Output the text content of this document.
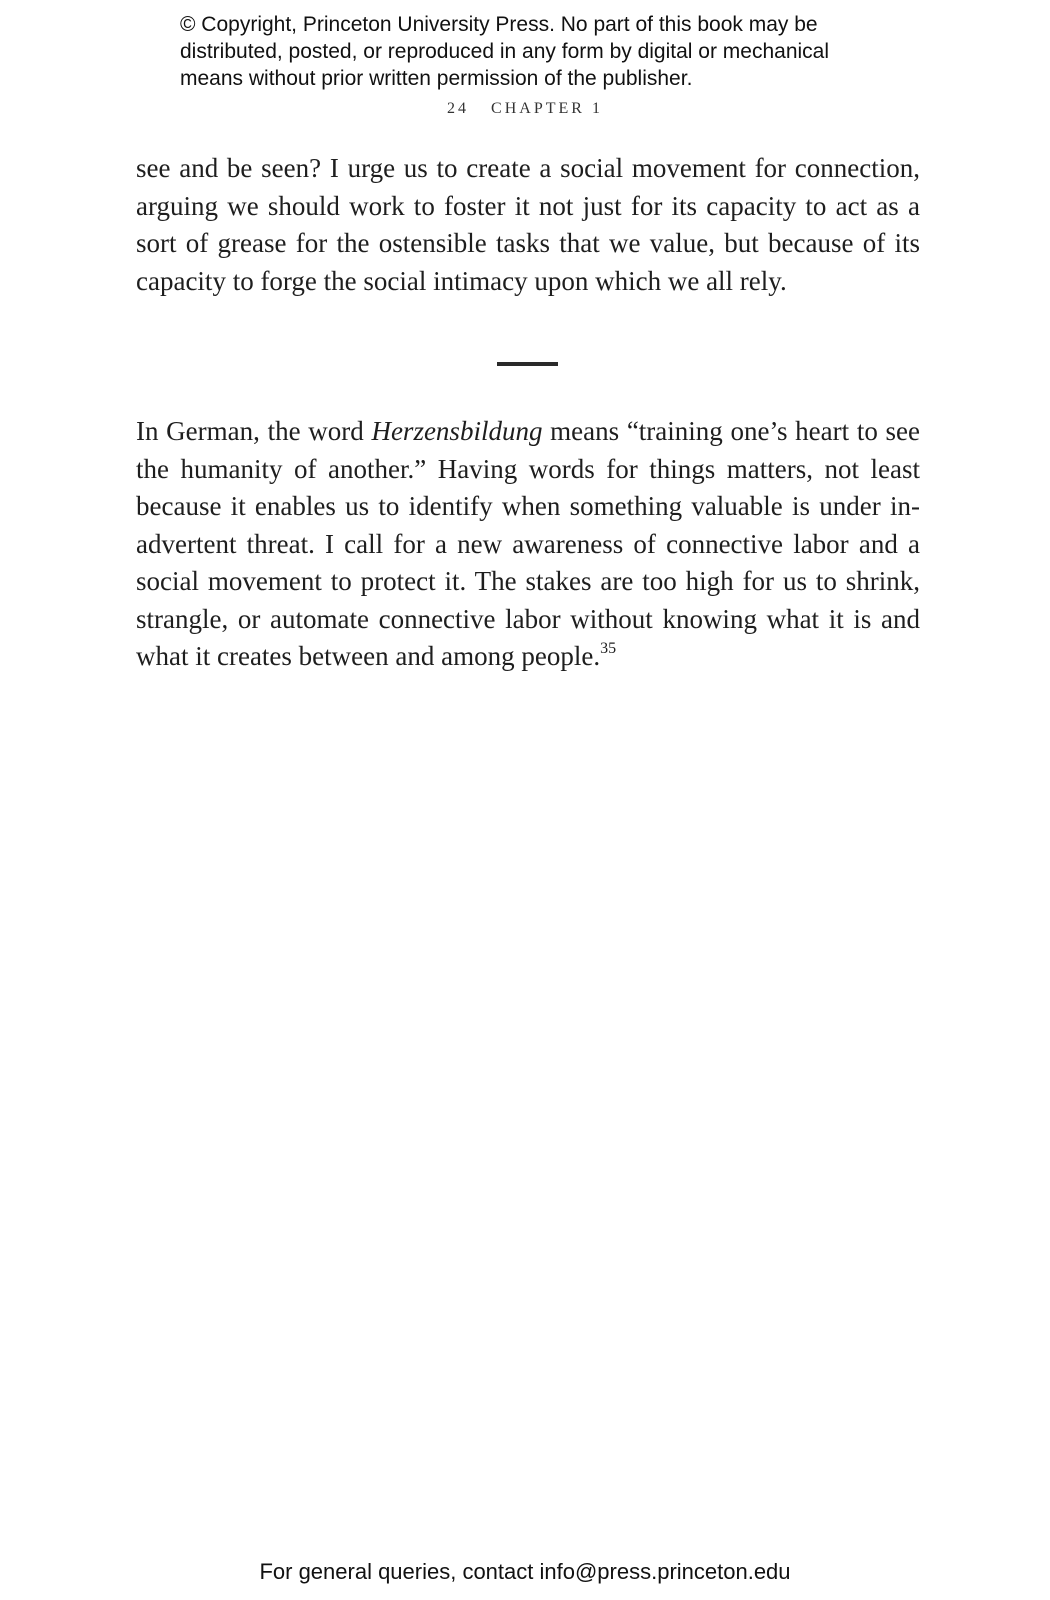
© Copyright, Princeton University Press. No part of this book may be
distributed, posted, or reproduced in any form by digital or mechanical
means without prior written permission of the publisher.
24 CHAPTER 1
see and be seen? I urge us to create a social movement for connection,
arguing we should work to foster it not just for its capacity to act as a
sort of grease for the ostensible tasks that we value, but because of its
capacity to forge the social intimacy upon which we all rely.
In German, the word Herzensbildung means “training one’s heart to see
the humanity of another.” Having words for things matters, not least
because it enables us to identify when something valuable is under in-
advertent threat. I call for a new awareness of connective labor and a
social movement to protect it. The stakes are too high for us to shrink,
strangle, or automate connective labor without knowing what it is and
what it creates between and among people.$^{35}$
For general queries, contact info@press.princeton.edu
